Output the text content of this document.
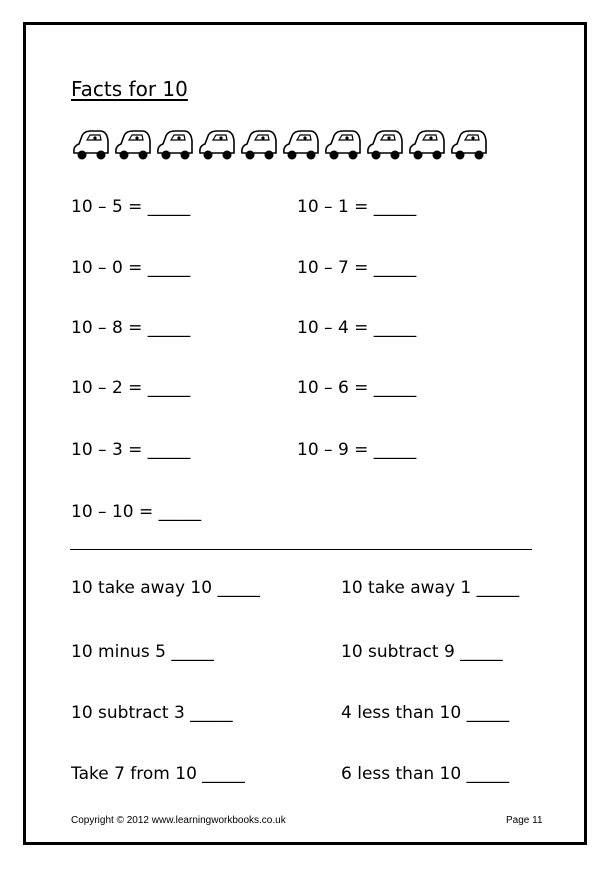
Facts for 10
10 – 5 = _____
10 – 0 = _____
10 – 8 = _____
10 – 2 = _____
10 – 3 = _____
10 – 10 = _____
10 – 1 = _____
10 – 7 = _____
10 – 4 = _____
10 – 6 = _____
10 – 9 = _____
10 take away 10 _____
10 minus 5 _____
10 subtract 3 _____
Take 7 from 10 _____
10 take away 1 _____
10 subtract 9 _____
4 less than 10 _____
6 less than 10 _____
Copyright © 2012 www.learningworkbooks.co.uk	Page 11
